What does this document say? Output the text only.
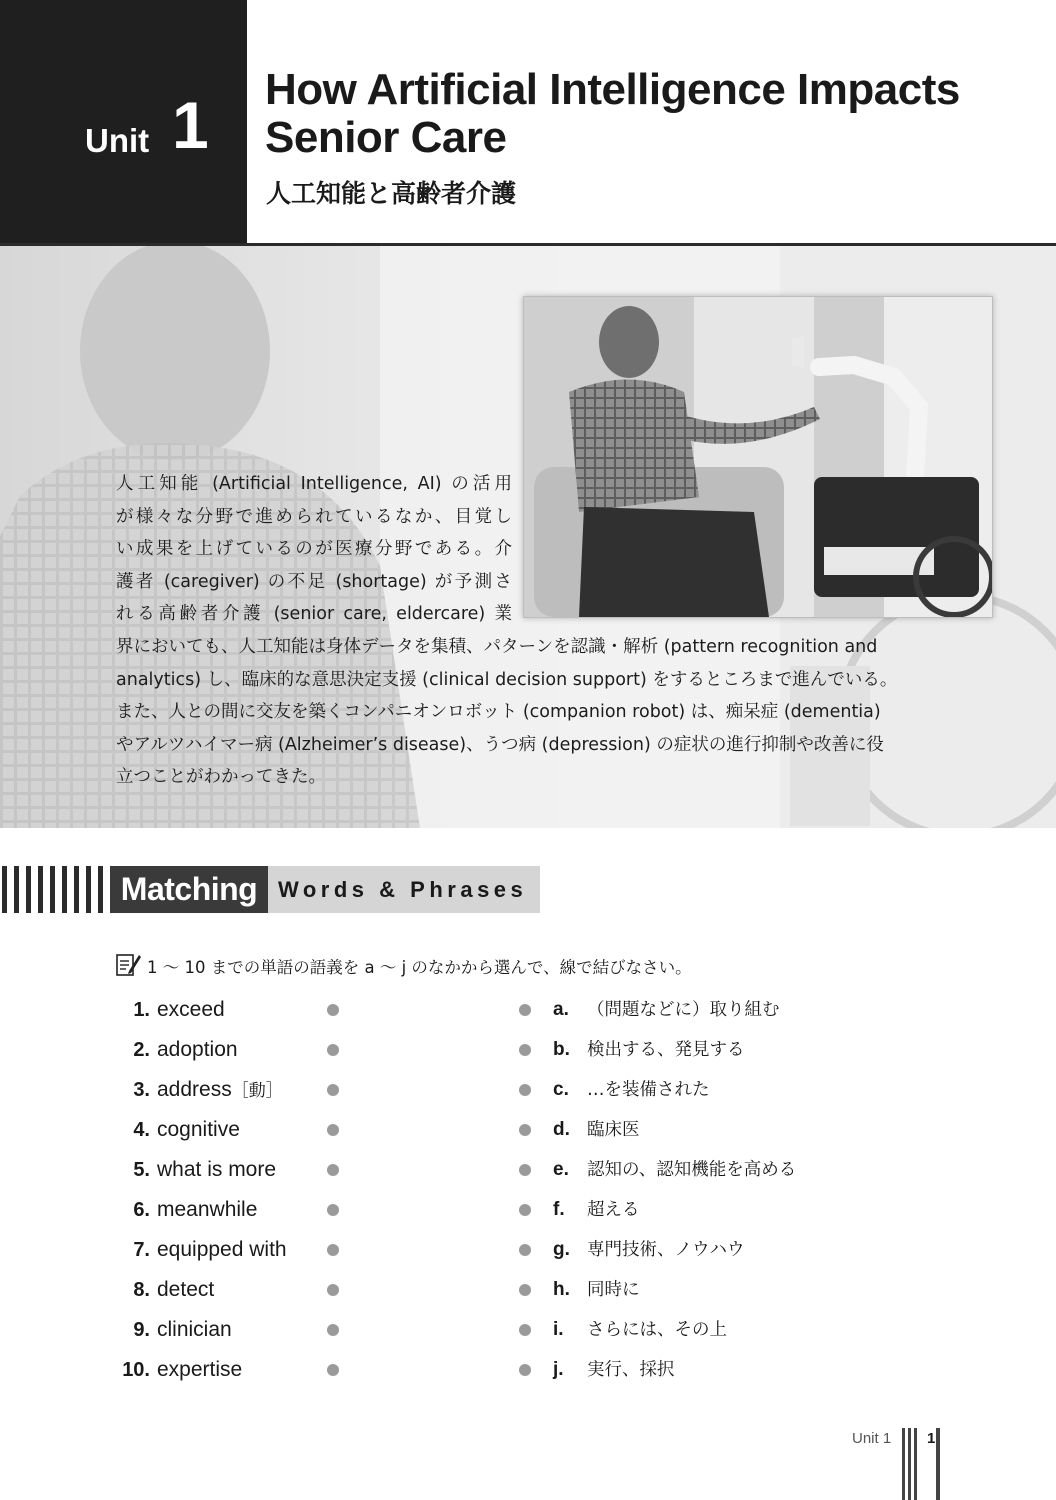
Unit 1 How Artificial Intelligence Impacts
Senior Care
人工知能と高齢者介護
人工知能 (Artificial Intelligence, AI) の活用
が様々な分野で進められているなか、目覚し
い成果を上げているのが医療分野である。介
護者 (caregiver) の不足 (shortage) が予測さ
れる高齢者介護 (senior care, eldercare) 業
界においても、人工知能は身体データを集積、パターンを認識・解析 (pattern recognition and
analytics) し、臨床的な意思決定支援 (clinical decision support) をするところまで進んでいる。
また、人との間に交友を築くコンパニオンロボット (companion robot) は、痴呆症 (dementia)
やアルツハイマー病 (Alzheimer’s disease)、うつ病 (depression) の症状の進行抑制や改善に役
立つことがわかってきた。
Matching Words & Phrases
1 ～ 10 までの単語の語義を a ～ j のなかから選んで、線で結びなさい。
1. exceed	a. （問題などに）取り組む
2. adoption	b. 検出する、発見する
3. address［動］	c. …を装備された
4. cognitive	d. 臨床医
5. what is more	e. 認知の、認知機能を高める
6. meanwhile	f. 超える
7. equipped with	g. 専門技術、ノウハウ
8. detect	h. 同時に
9. clinician	i. さらには、その上
10. expertise	j. 実行、採択
Unit 1 1
